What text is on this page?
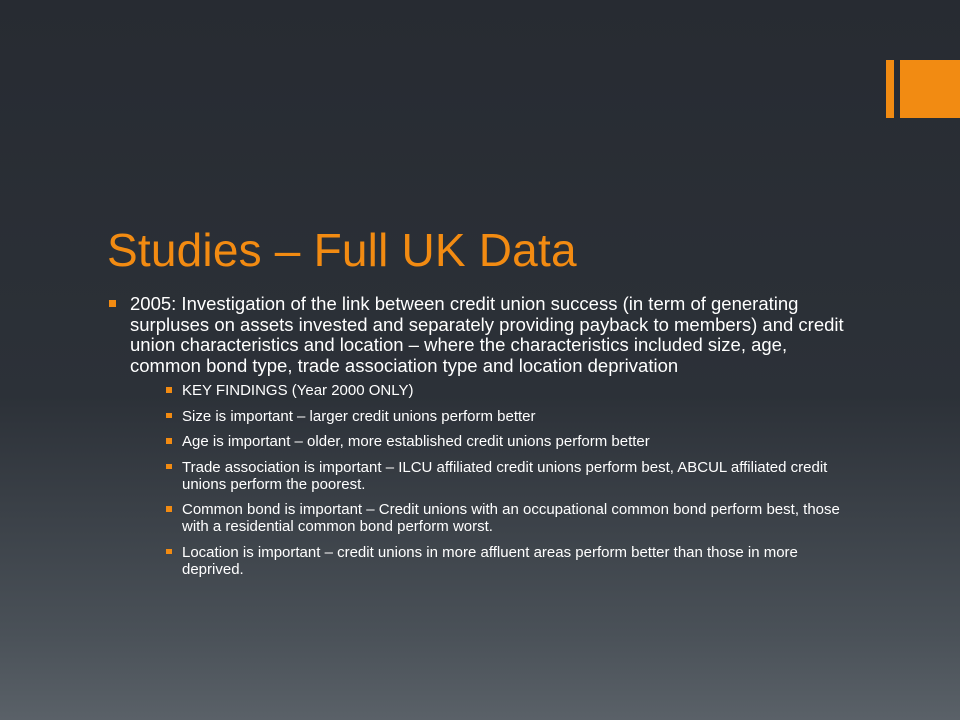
Studies – Full UK Data
2005: Investigation of the link between credit union success (in term of generating surpluses on assets invested and separately providing payback to members) and credit union characteristics and location – where the characteristics included size, age, common bond type, trade association type and location deprivation
KEY FINDINGS (Year 2000 ONLY)
Size is important – larger credit unions perform better
Age is important – older, more established credit unions perform better
Trade association is important – ILCU affiliated credit unions perform best, ABCUL affiliated credit unions perform the poorest.
Common bond is important – Credit unions with an occupational common bond perform best, those with a residential common bond perform worst.
Location is important – credit unions in more affluent areas perform better than those in more deprived.
